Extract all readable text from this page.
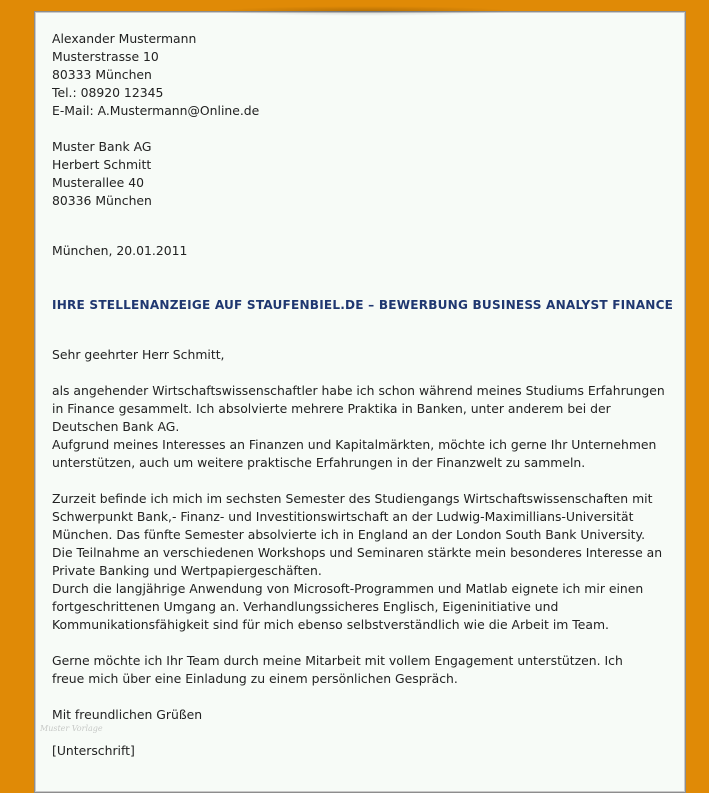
Alexander Mustermann
Musterstrasse 10
80333 München
Tel.: 08920 12345
E-Mail: A.Mustermann@Online.de
Muster Bank AG
Herbert Schmitt
Musterallee 40
80336 München
München, 20.01.2011
IHRE STELLENANZEIGE AUF STAUFENBIEL.DE – BEWERBUNG BUSINESS ANALYST FINANCE
Sehr geehrter Herr Schmitt,
als angehender Wirtschaftswissenschaftler habe ich schon während meines Studiums Erfahrungen
in Finance gesammelt. Ich absolvierte mehrere Praktika in Banken, unter anderem bei der
Deutschen Bank AG.
Aufgrund meines Interesses an Finanzen und Kapitalmärkten, möchte ich gerne Ihr Unternehmen
unterstützen, auch um weitere praktische Erfahrungen in der Finanzwelt zu sammeln.
Zurzeit befinde ich mich im sechsten Semester des Studiengangs Wirtschaftswissenschaften mit
Schwerpunkt Bank,- Finanz- und Investitionswirtschaft an der Ludwig-Maximillians-Universität
München. Das fünfte Semester absolvierte ich in England an der London South Bank University.
Die Teilnahme an verschiedenen Workshops und Seminaren stärkte mein besonderes Interesse an
Private Banking und Wertpapiergeschäften.
Durch die langjährige Anwendung von Microsoft-Programmen und Matlab eignete ich mir einen
fortgeschrittenen Umgang an. Verhandlungssicheres Englisch, Eigeninitiative und
Kommunikationsfähigkeit sind für mich ebenso selbstverständlich wie die Arbeit im Team.
Gerne möchte ich Ihr Team durch meine Mitarbeit mit vollem Engagement unterstützen. Ich
freue mich über eine Einladung zu einem persönlichen Gespräch.
Mit freundlichen Grüßen
[Unterschrift]
Muster Vorlage
